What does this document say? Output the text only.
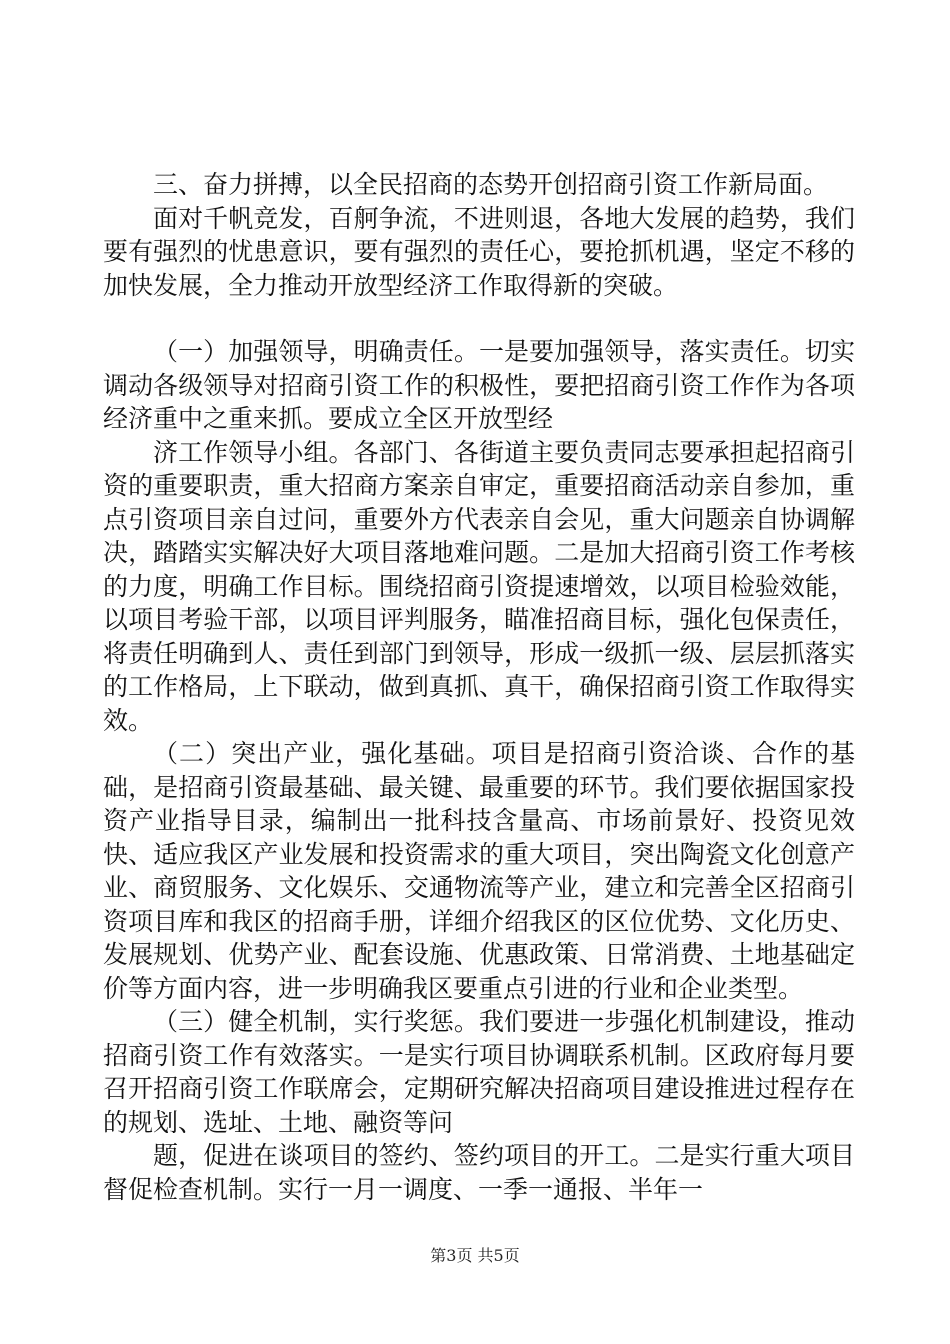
三、奋力拼搏，以全民招商的态势开创招商引资工作新局面。

面对千帆竞发，百舸争流，不进则退，各地大发展的趋势，我们要有强烈的忧患意识，要有强烈的责任心，要抢抓机遇，坚定不移的加快发展，全力推动开放型经济工作取得新的突破。

（一）加强领导，明确责任。一是要加强领导，落实责任。切实调动各级领导对招商引资工作的积极性，要把招商引资工作作为各项经济重中之重来抓。要成立全区开放型经

济工作领导小组。各部门、各街道主要负责同志要承担起招商引资的重要职责，重大招商方案亲自审定，重要招商活动亲自参加，重点引资项目亲自过问，重要外方代表亲自会见，重大问题亲自协调解决，踏踏实实解决好大项目落地难问题。二是加大招商引资工作考核的力度，明确工作目标。围绕招商引资提速增效，以项目检验效能，以项目考验干部，以项目评判服务，瞄准招商目标，强化包保责任，将责任明确到人、责任到部门到领导，形成一级抓一级、层层抓落实的工作格局，上下联动，做到真抓、真干，确保招商引资工作取得实效。

（二）突出产业，强化基础。项目是招商引资洽谈、合作的基础，是招商引资最基础、最关键、最重要的环节。我们要依据国家投资产业指导目录，编制出一批科技含量高、市场前景好、投资见效快、适应我区产业发展和投资需求的重大项目，突出陶瓷文化创意产业、商贸服务、文化娱乐、交通物流等产业，建立和完善全区招商引资项目库和我区的招商手册，详细介绍我区的区位优势、文化历史、发展规划、优势产业、配套设施、优惠政策、日常消费、土地基础定价等方面内容，进一步明确我区要重点引进的行业和企业类型。

（三）健全机制，实行奖惩。我们要进一步强化机制建设，推动招商引资工作有效落实。一是实行项目协调联系机制。区政府每月要召开招商引资工作联席会，定期研究解决招商项目建设推进过程存在的规划、选址、土地、融资等问

题，促进在谈项目的签约、签约项目的开工。二是实行重大项目督促检查机制。实行一月一调度、一季一通报、半年一

第3页 共5页
